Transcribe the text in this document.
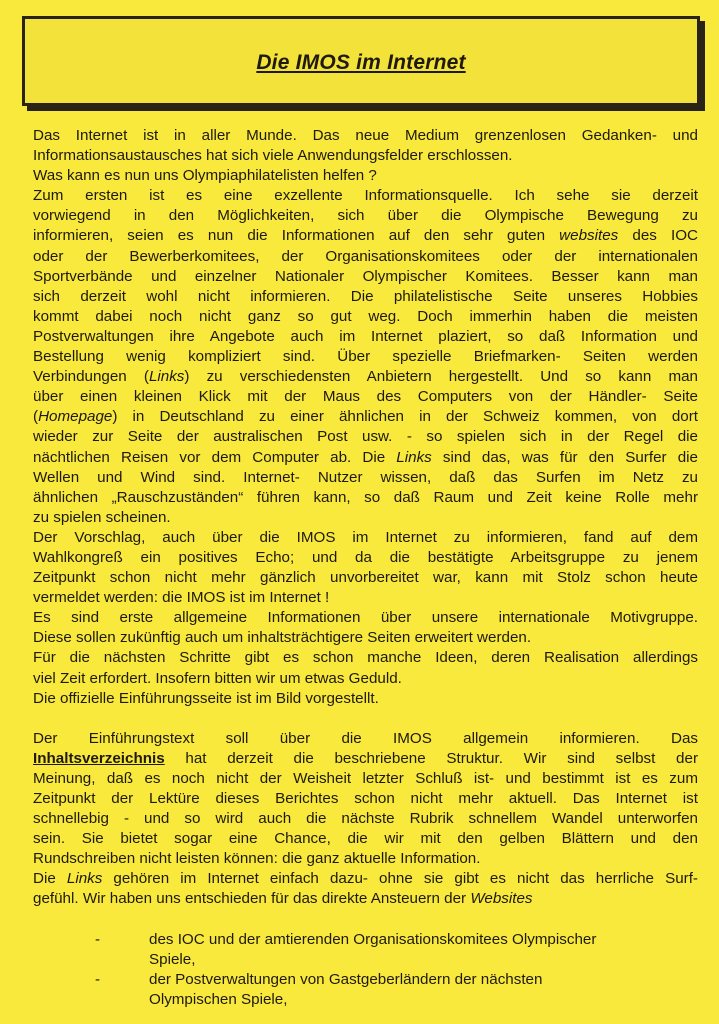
Die IMOS im Internet
Das Internet ist in aller Munde. Das neue Medium grenzenlosen Gedanken- und
Informationsaustausches hat sich viele Anwendungsfelder erschlossen.
Was kann es nun uns Olympiaphilatelisten helfen ?
Zum ersten ist es eine exzellente Informationsquelle. Ich sehe sie derzeit
vorwiegend in den Möglichkeiten, sich über die Olympische Bewegung zu
informieren, seien es nun die Informationen auf den sehr guten websites des IOC
oder der Bewerberkomitees, der Organisationskomitees oder der internationalen
Sportverbände und einzelner Nationaler Olympischer Komitees. Besser kann man
sich derzeit wohl nicht informieren. Die philatelistische Seite unseres Hobbies
kommt dabei noch nicht ganz so gut weg. Doch immerhin haben die meisten
Postverwaltungen ihre Angebote auch im Internet plaziert, so daß Information und
Bestellung wenig kompliziert sind. Über spezielle Briefmarken- Seiten werden
Verbindungen (Links) zu verschiedensten Anbietern hergestellt. Und so kann man
über einen kleinen Klick mit der Maus des Computers von der Händler- Seite
(Homepage) in Deutschland zu einer ähnlichen in der Schweiz kommen, von dort
wieder zur Seite der australischen Post usw. - so spielen sich in der Regel die
nächtlichen Reisen vor dem Computer ab. Die Links sind das, was für den Surfer die
Wellen und Wind sind. Internet- Nutzer wissen, daß das Surfen im Netz zu
ähnlichen „Rauschzuständen“ führen kann, so daß Raum und Zeit keine Rolle mehr
zu spielen scheinen.
Der Vorschlag, auch über die IMOS im Internet zu informieren, fand auf dem
Wahlkongreß ein positives Echo; und da die bestätigte Arbeitsgruppe zu jenem
Zeitpunkt schon nicht mehr gänzlich unvorbereitet war, kann mit Stolz schon heute
vermeldet werden: die IMOS ist im Internet !
Es sind erste allgemeine Informationen über unsere internationale Motivgruppe.
Diese sollen zukünftig auch um inhaltsträchtigere Seiten erweitert werden.
Für die nächsten Schritte gibt es schon manche Ideen, deren Realisation allerdings
viel Zeit erfordert. Insofern bitten wir um etwas Geduld.
Die offizielle Einführungsseite ist im Bild vorgestellt.
Der Einführungstext soll über die IMOS allgemein informieren. Das
Inhaltsverzeichnis hat derzeit die beschriebene Struktur. Wir sind selbst der
Meinung, daß es noch nicht der Weisheit letzter Schluß ist- und bestimmt ist es zum
Zeitpunkt der Lektüre dieses Berichtes schon nicht mehr aktuell. Das Internet ist
schnellebig - und so wird auch die nächste Rubrik schnellem Wandel unterworfen
sein. Sie bietet sogar eine Chance, die wir mit den gelben Blättern und den
Rundschreiben nicht leisten können: die ganz aktuelle Information.
Die Links gehören im Internet einfach dazu- ohne sie gibt es nicht das herrliche Surf-
gefühl. Wir haben uns entschieden für das direkte Ansteuern der Websites
-	des IOC und der amtierenden Organisationskomitees Olympischer
Spiele,
-	der Postverwaltungen von Gastgeberländern der nächsten
Olympischen Spiele,
